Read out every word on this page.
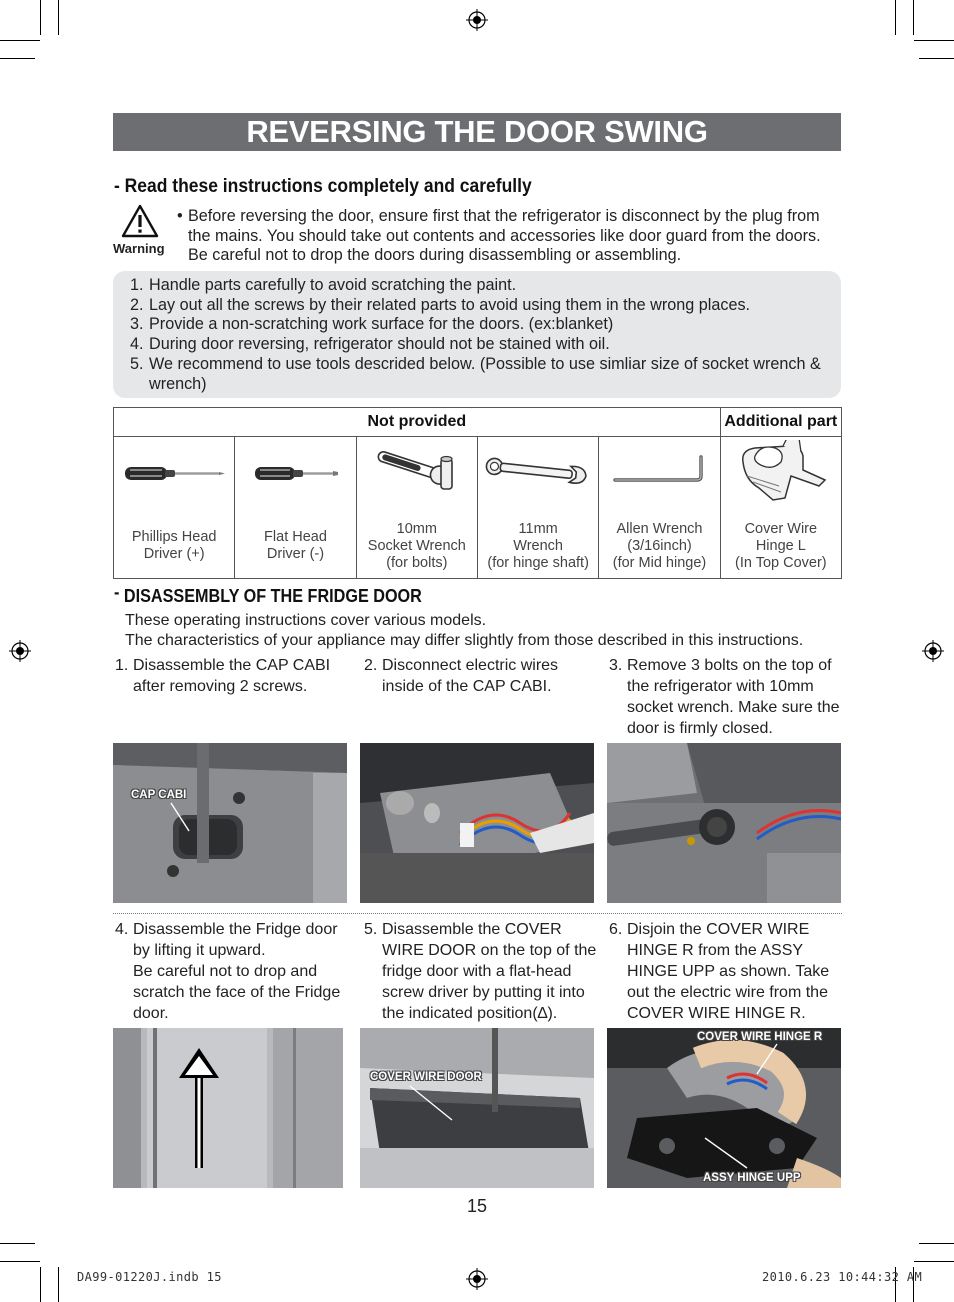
REVERSING THE DOOR SWING
- Read these instructions completely and carefully
Warning
• Before reversing the door, ensure first that the refrigerator is disconnect by the plug from the mains. You should take out contents and accessories like door guard from the doors. Be careful not to drop the doors during disassembling or assembling.
1. Handle parts carefully to avoid scratching the paint.
2. Lay out all the screws by their related parts to avoid using them in the wrong places.
3. Provide a non-scratching work surface for the doors. (ex:blanket)
4. During door reversing, refrigerator should not be stained with oil.
5. We recommend to use tools descrided below. (Possible to use simliar size of socket wrench & wrench)
Not provided					Additional part

Phillips Head
Driver (+)	Flat Head
Driver (-)	10mm
Socket Wrench
(for bolts)	11mm
Wrench
(for hinge shaft)	Allen Wrench
(3/16inch)
(for Mid hinge)	Cover Wire
Hinge L
(In Top Cover)
- DISASSEMBLY OF THE FRIDGE DOOR
These operating instructions cover various models.
The characteristics of your appliance may differ slightly from those described in this instructions.
1. Disassemble the CAP CABI after removing 2 screws.
2. Disconnect electric wires inside of the CAP CABI.
3. Remove 3 bolts on the top of the refrigerator with 10mm socket wrench. Make sure the door is firmly closed.
CAP CABI
4. Disassemble the Fridge door by lifting it upward.
Be careful not to drop and scratch the face of the Fridge door.
5. Disassemble the COVER WIRE DOOR on the top of the fridge door with a flat-head screw driver by putting it into the indicated position(∆).
6. Disjoin the COVER WIRE HINGE R from the ASSY HINGE UPP as shown. Take out the electric wire from the COVER WIRE HINGE R.
COVER WIRE DOOR
COVER WIRE HINGE R
ASSY HINGE UPP
15
DA99-01220J.indb 15	2010.6.23 10:44:32 AM
